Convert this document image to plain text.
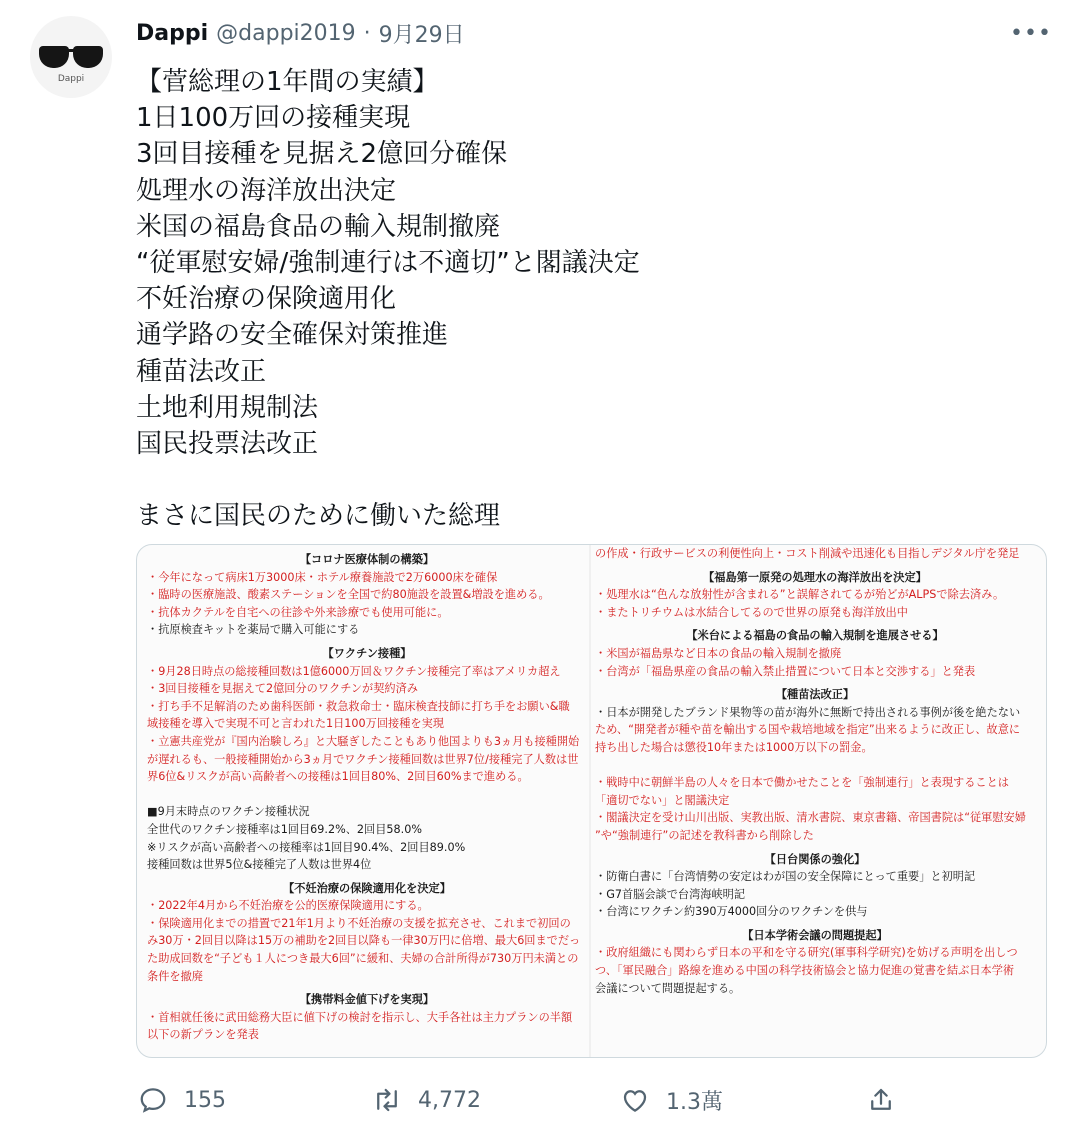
Dappi
Dappi @dappi2019 · 9月29日	•••
【菅総理の1年間の実績】
1日100万回の接種実現
3回目接種を見据え2億回分確保
処理水の海洋放出決定
米国の福島食品の輸入規制撤廃
“従軍慰安婦/強制連行は不適切”と閣議決定
不妊治療の保険適用化
通学路の安全確保対策推進
種苗法改正
土地利用規制法
国民投票法改正
まさに国民のために働いた総理
【コロナ医療体制の構築】
・今年になって病床1万3000床・ホテル療養施設で2万6000床を確保
・臨時の医療施設、酸素ステーションを全国で約80施設を設置&増設を進める。
・抗体カクテルを自宅への往診や外来診療でも使用可能に。
・抗原検査キットを薬局で購入可能にする
【ワクチン接種】
・9月28日時点の総接種回数は1億6000万回＆ワクチン接種完了率はアメリカ超え
・3回目接種を見据えて2億回分のワクチンが契約済み
・打ち手不足解消のため歯科医師・救急救命士・臨床検査技師に打ち手をお願い&職
域接種を導入で実現不可と言われた1日100万回接種を実現
・立憲共産党が『国内治験しろ』と大騒ぎしたこともあり他国よりも3ヵ月も接種開始
が遅れるも、一般接種開始から3ヵ月でワクチン接種回数は世界7位/接種完了人数は世
界6位&リスクが高い高齢者への接種は1回目80%、2回目60%まで進める。
■9月末時点のワクチン接種状況
全世代のワクチン接種率は1回目69.2%、2回目58.0%
※リスクが高い高齢者への接種率は1回目90.4%、2回目89.0%
接種回数は世界5位&接種完了人数は世界4位
【不妊治療の保険適用化を決定】
・2022年4月から不妊治療を公的医療保険適用にする。
・保険適用化までの措置で21年1月より不妊治療の支援を拡充させ、これまで初回の
み30万・2回目以降は15万の補助を2回目以降も一律30万円に倍増、最大6回までだっ
た助成回数を“子ども１人につき最大6回”に緩和、夫婦の合計所得が730万円未満との
条件を撤廃
【携帯料金値下げを実現】
・首相就任後に武田総務大臣に値下げの検討を指示し、大手各社は主力プランの半額
以下の新プランを発表
の作成・行政サービスの利便性向上・コスト削減や迅速化も目指しデジタル庁を発足
【福島第一原発の処理水の海洋放出を決定】
・処理水は“色んな放射性が含まれる”と誤解されてるが殆どがALPSで除去済み。
・またトリチウムは水結合してるので世界の原発も海洋放出中
【米台による福島の食品の輸入規制を進展させる】
・米国が福島県など日本の食品の輸入規制を撤廃
・台湾が「福島県産の食品の輸入禁止措置について日本と交渉する」と発表
【種苗法改正】
・日本が開発したブランド果物等の苗が海外に無断で持出される事例が後を絶たない
ため、“開発者が種や苗を輸出する国や栽培地域を指定”出来るように改正し、故意に
持ち出した場合は懲役10年または1000万以下の罰金。
・戦時中に朝鮮半島の人々を日本で働かせたことを「強制連行」と表現することは
「適切でない」と閣議決定
・閣議決定を受け山川出版、実教出版、清水書院、東京書籍、帝国書院は“従軍慰安婦
”や“強制連行”の記述を教科書から削除した
【日台関係の強化】
・防衛白書に「台湾情勢の安定はわが国の安全保障にとって重要」と初明記
・G7首脳会談で台湾海峡明記
・台湾にワクチン約390万4000回分のワクチンを供与
【日本学術会議の問題提起】
・政府組織にも関わらず日本の平和を守る研究(軍事科学研究)を妨げる声明を出しつ
つ、「軍民融合」路線を進める中国の科学技術協会と協力促進の覚書を結ぶ日本学術
会議について問題提起する。
155	4,772	1.3萬
